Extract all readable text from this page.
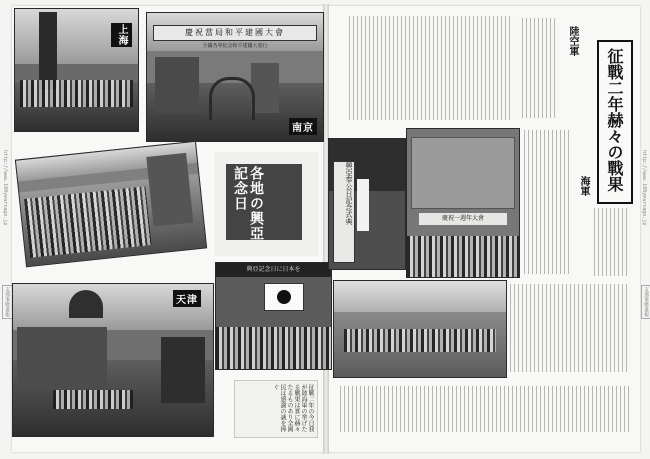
http://www.100yearsago.jp
支那事變畫報
http://www.100yearsago.jp
支那事變畫報
上海	慶祝當局和平建國大會
全國各界紀念和平建國大遊行
南京
各地の興亞記念日
天津
興亞記念日に日本を
征戰二年の今日我が陸海軍の挙げたる戰果は實に赫々たるものあり全國民は感謝の誠を捧ぐ
陸空軍
征戰二年赫々の戰果
興亞奉公日記念式典	慶祝一週年大會
海軍
